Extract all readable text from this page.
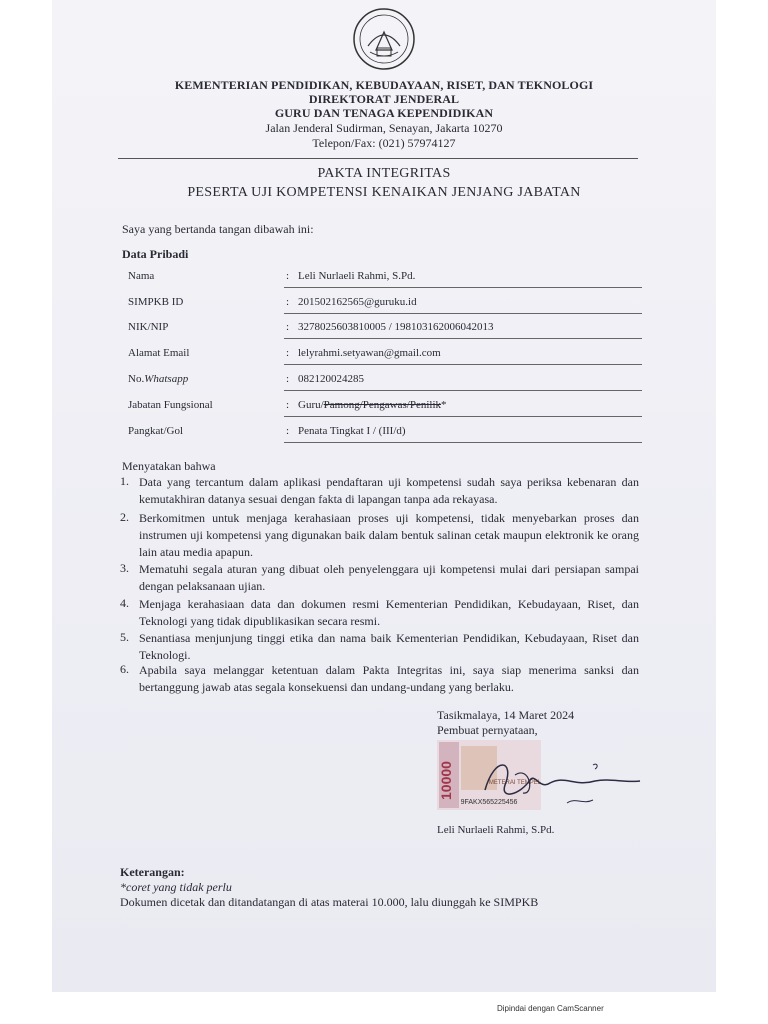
KEMENTERIAN PENDIDIKAN, KEBUDAYAAN, RISET, DAN TEKNOLOGI
DIREKTORAT JENDERAL
GURU DAN TENAGA KEPENDIDIKAN
Jalan Jenderal Sudirman, Senayan, Jakarta 10270
Telepon/Fax: (021) 57974127
PAKTA INTEGRITAS
PESERTA UJI KOMPETENSI KENAIKAN JENJANG JABATAN
Saya yang bertanda tangan dibawah ini:
Data Pribadi
Nama	: Leli Nurlaeli Rahmi, S.Pd.
SIMPKB ID	: 201502162565@guruku.id
NIK/NIP	: 3278025603810005 / 198103162006042013
Alamat Email	: lelyrahmi.setyawan@gmail.com
No.Whatsapp	: 082120024285
Jabatan Fungsional	: Guru/Pamong/Pengawas/Penilik*
Pangkat/Gol	: Penata Tingkat I / (III/d)
Menyatakan bahwa
1. Data yang tercantum dalam aplikasi pendaftaran uji kompetensi sudah saya periksa kebenaran dan kemutakhiran datanya sesuai dengan fakta di lapangan tanpa ada rekayasa.
2. Berkomitmen untuk menjaga kerahasiaan proses uji kompetensi, tidak menyebarkan proses dan instrumen uji kompetensi yang digunakan baik dalam bentuk salinan cetak maupun elektronik ke orang lain atau media apapun.
3. Mematuhi segala aturan yang dibuat oleh penyelenggara uji kompetensi mulai dari persiapan sampai dengan pelaksanaan ujian.
4. Menjaga kerahasiaan data dan dokumen resmi Kementerian Pendidikan, Kebudayaan, Riset, dan Teknologi yang tidak dipublikasikan secara resmi.
5. Senantiasa menjunjung tinggi etika dan nama baik Kementerian Pendidikan, Kebudayaan, Riset dan Teknologi.
6. Apabila saya melanggar ketentuan dalam Pakta Integritas ini, saya siap menerima sanksi dan bertanggung jawab atas segala konsekuensi dan undang-undang yang berlaku.
Tasikmalaya, 14 Maret 2024
Pembuat pernyataan,
10000	METERAI TEMPEL
9FAKX565225456
Leli Nurlaeli Rahmi, S.Pd.
Keterangan:
*coret yang tidak perlu
Dokumen dicetak dan ditandatangan di atas materai 10.000, lalu diunggah ke SIMPKB
Dipindai dengan CamScanner
